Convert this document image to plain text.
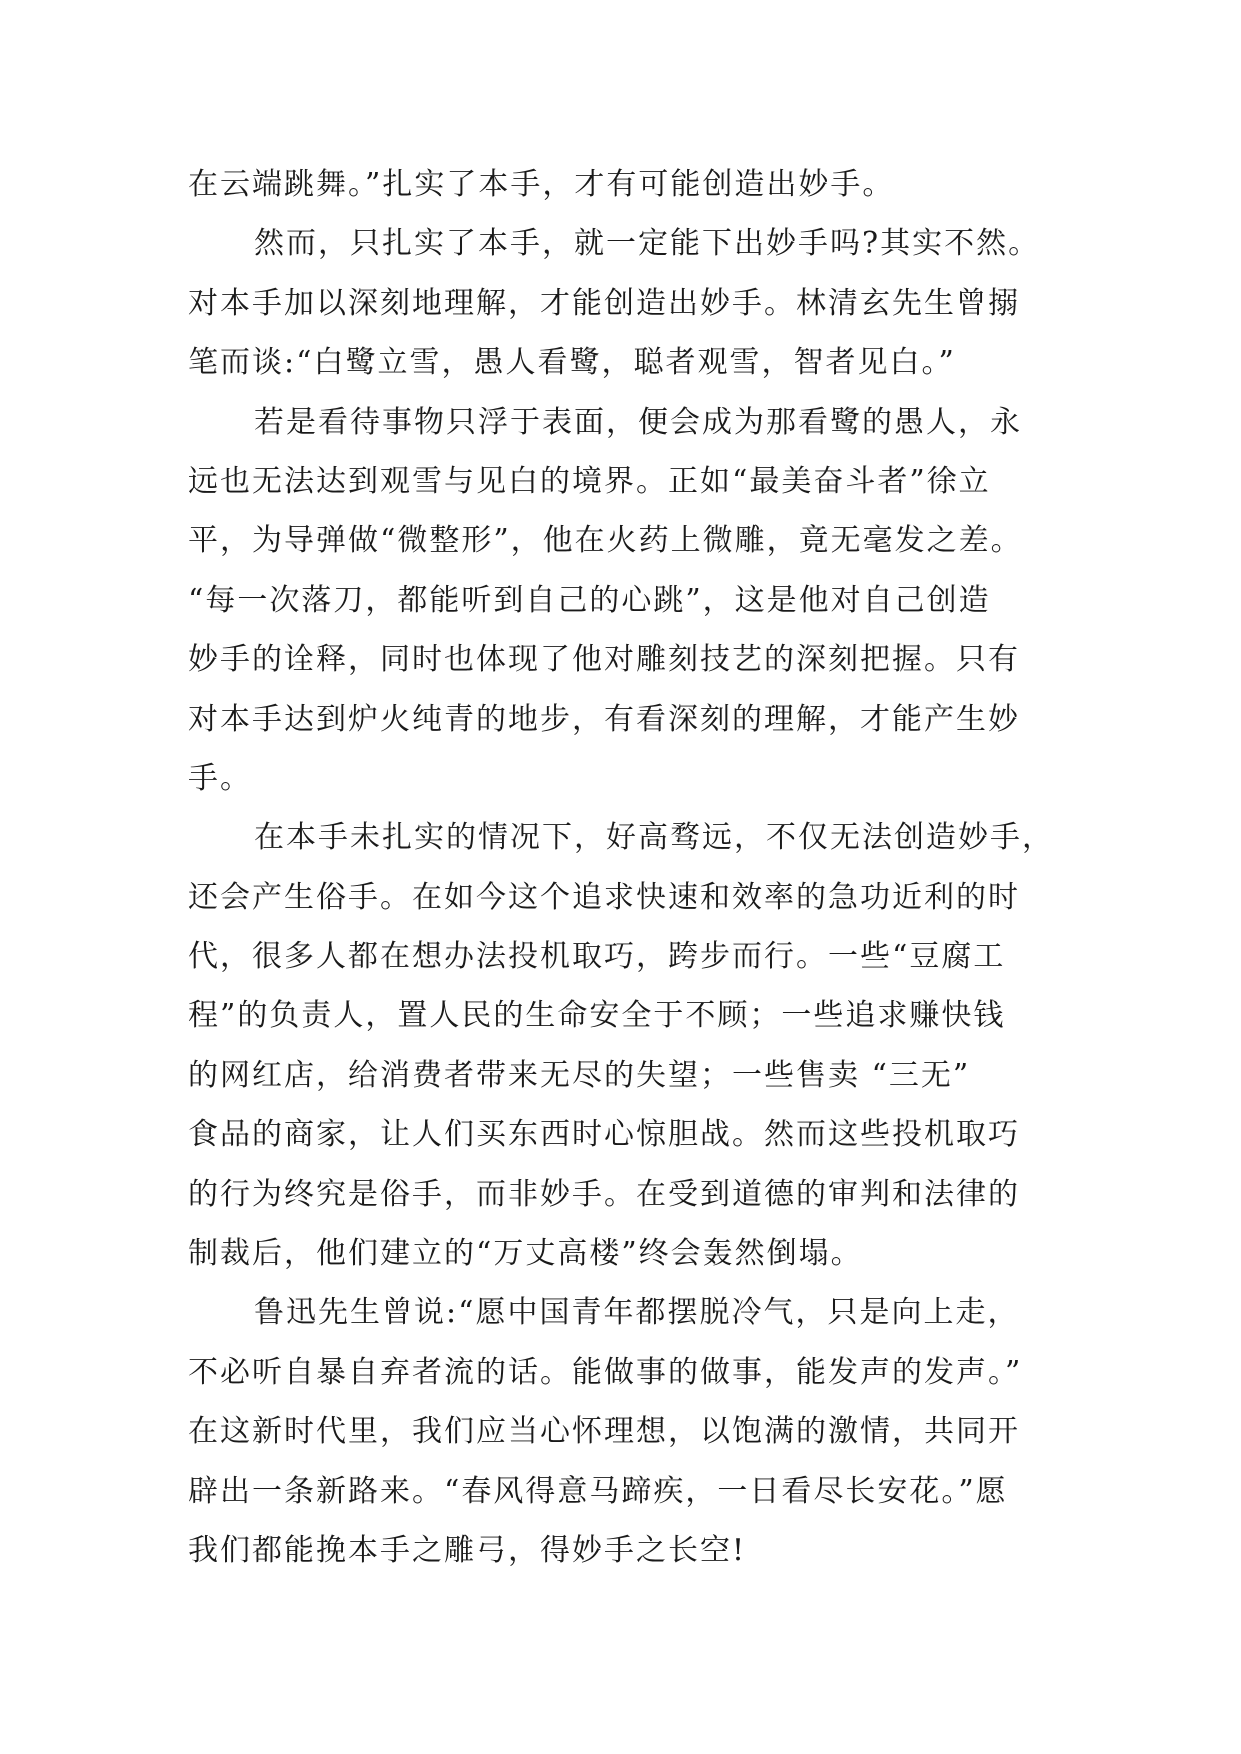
在云端跳舞。”扎实了本手，才有可能创造出妙手。
然而，只扎实了本手，就一定能下出妙手吗?其实不然。
对本手加以深刻地理解，才能创造出妙手。林清玄先生曾搦
笔而谈:“白鹭立雪，愚人看鹭，聪者观雪，智者见白。”
若是看待事物只浮于表面，便会成为那看鹭的愚人，永
远也无法达到观雪与见白的境界。正如“最美奋斗者”徐立
平，为导弹做“微整形”，他在火药上微雕，竟无毫发之差。
“每一次落刀，都能听到自己的心跳”，这是他对自己创造
妙手的诠释，同时也体现了他对雕刻技艺的深刻把握。只有
对本手达到炉火纯青的地步，有看深刻的理解，才能产生妙
手。
在本手未扎实的情况下，好高骛远，不仅无法创造妙手，
还会产生俗手。在如今这个追求快速和效率的急功近利的时
代，很多人都在想办法投机取巧，跨步而行。一些“豆腐工
程”的负责人，置人民的生命安全于不顾；一些追求赚快钱
的网红店，给消费者带来无尽的失望；一些售卖 “三无”
食品的商家，让人们买东西时心惊胆战。然而这些投机取巧
的行为终究是俗手，而非妙手。在受到道德的审判和法律的
制裁后，他们建立的“万丈高楼”终会轰然倒塌。
鲁迅先生曾说:“愿中国青年都摆脱冷气，只是向上走，
不必听自暴自弃者流的话。能做事的做事，能发声的发声。”
在这新时代里，我们应当心怀理想，以饱满的激情，共同开
辟出一条新路来。“春风得意马蹄疾，一日看尽长安花。”愿
我们都能挽本手之雕弓，得妙手之长空!
